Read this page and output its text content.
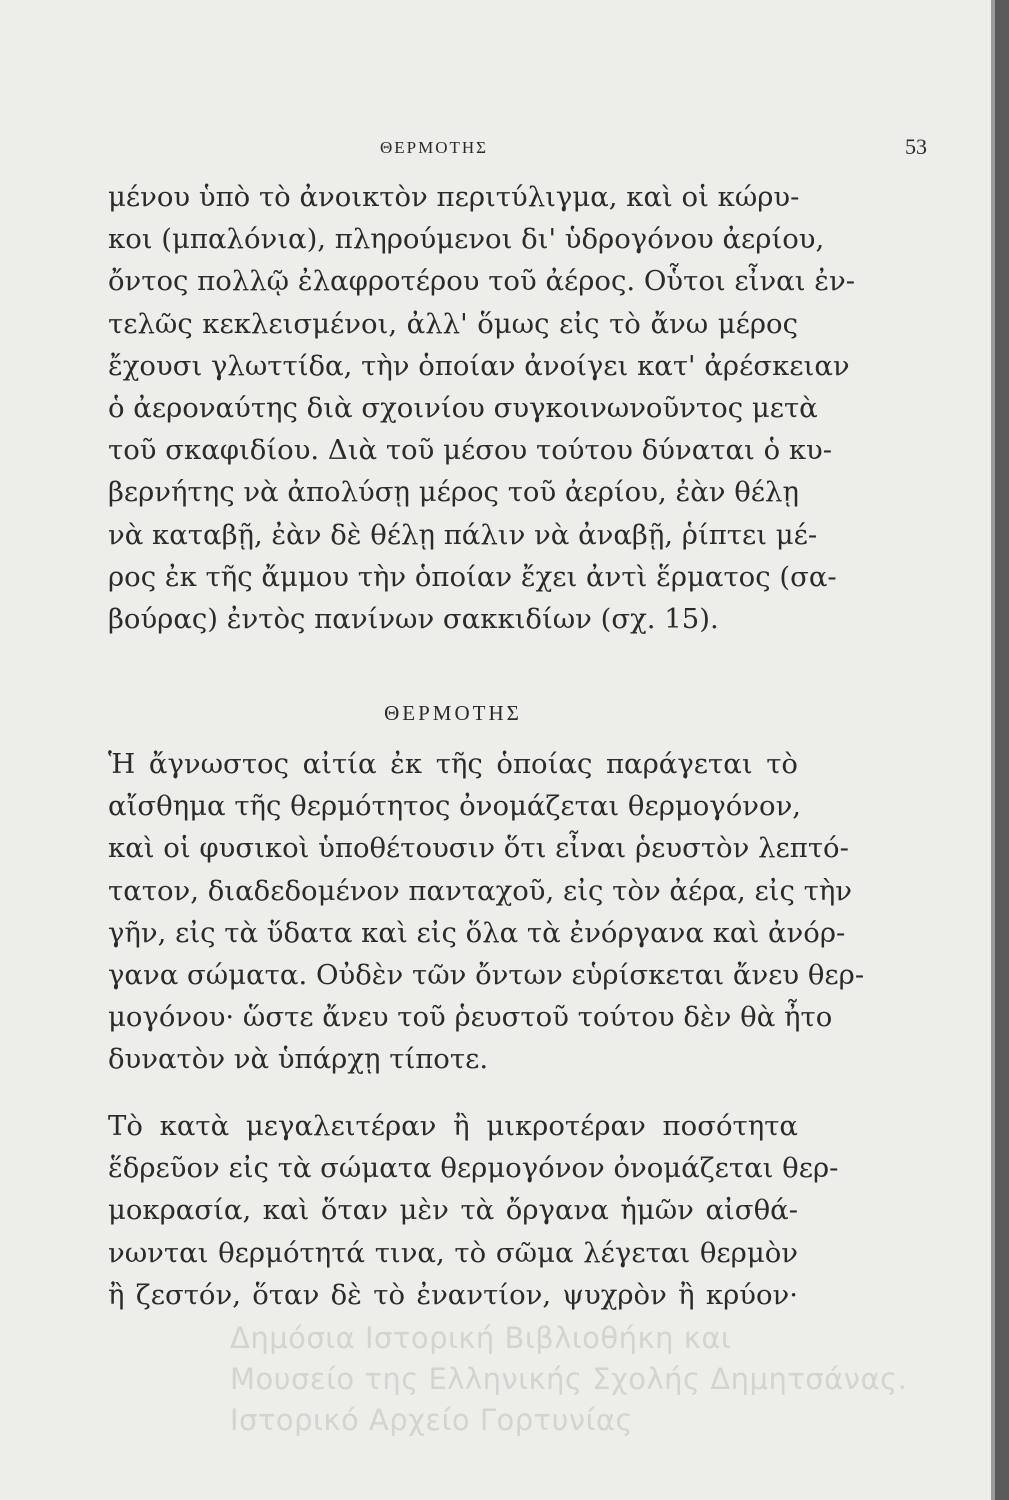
ΘΕΡΜΟΤΗΣ	53
μένου ὑπὸ τὸ ἀνοικτὸν περιτύλιγμα, καὶ οἱ κώρυ-
κοι (μπαλόνια), πληρούμενοι δι' ὑδρογόνου ἀερίου,
ὄντος πολλῷ ἐλαφροτέρου τοῦ ἀέρος. Οὗτοι εἶναι ἐν-
τελῶς κεκλεισμένοι, ἀλλ' ὅμως εἰς τὸ ἄνω μέρος
ἔχουσι γλωττίδα, τὴν ὁποίαν ἀνοίγει κατ' ἀρέσκειαν
ὁ ἀεροναύτης διὰ σχοινίου συγκοινωνοῦντος μετὰ
τοῦ σκαφιδίου. Διὰ τοῦ μέσου τούτου δύναται ὁ κυ-
βερνήτης νὰ ἀπολύσῃ μέρος τοῦ ἀερίου, ἐὰν θέλῃ
νὰ καταβῇ, ἐὰν δὲ θέλῃ πάλιν νὰ ἀναβῇ, ῥίπτει μέ-
ρος ἐκ τῆς ἄμμου τὴν ὁποίαν ἔχει ἀντὶ ἕρματος (σα-
βούρας) ἐντὸς πανίνων σακκιδίων (σχ. 15).
ΘΕΡΜΟΤΗΣ
Ἡ ἄγνωστος αἰτία ἐκ τῆς ὁποίας παράγεται τὸ
αἴσθημα τῆς θερμότητος ὀνομάζεται θερμογόνον,
καὶ οἱ φυσικοὶ ὑποθέτουσιν ὅτι εἶναι ῥευστὸν λεπτό-
τατον, διαδεδομένον πανταχοῦ, εἰς τὸν ἀέρα, εἰς τὴν
γῆν, εἰς τὰ ὕδατα καὶ εἰς ὅλα τὰ ἐνόργανα καὶ ἀνόρ-
γανα σώματα. Οὐδὲν τῶν ὄντων εὑρίσκεται ἄνευ θερ-
μογόνου· ὥστε ἄνευ τοῦ ῥευστοῦ τούτου δὲν θὰ ἦτο
δυνατὸν νὰ ὑπάρχῃ τίποτε.
Τὸ κατὰ μεγαλειτέραν ἢ μικροτέραν ποσότητα
ἕδρεῦον εἰς τὰ σώματα θερμογόνον ὀνομάζεται θερ-
μοκρασία, καὶ ὅταν μὲν τὰ ὄργανα ἡμῶν αἰσθά-
νωνται θερμότητά τινα, τὸ σῶμα λέγεται θερμὸν
ἢ ζεστόν, ὅταν δὲ τὸ ἐναντίον, ψυχρὸν ἢ κρύον·
Δημόσια Ιστορική Βιβλιοθήκη και
Μουσείο της Ελληνικής Σχολής Δημητσάνας.
Ιστορικό Αρχείο Γορτυνίας
